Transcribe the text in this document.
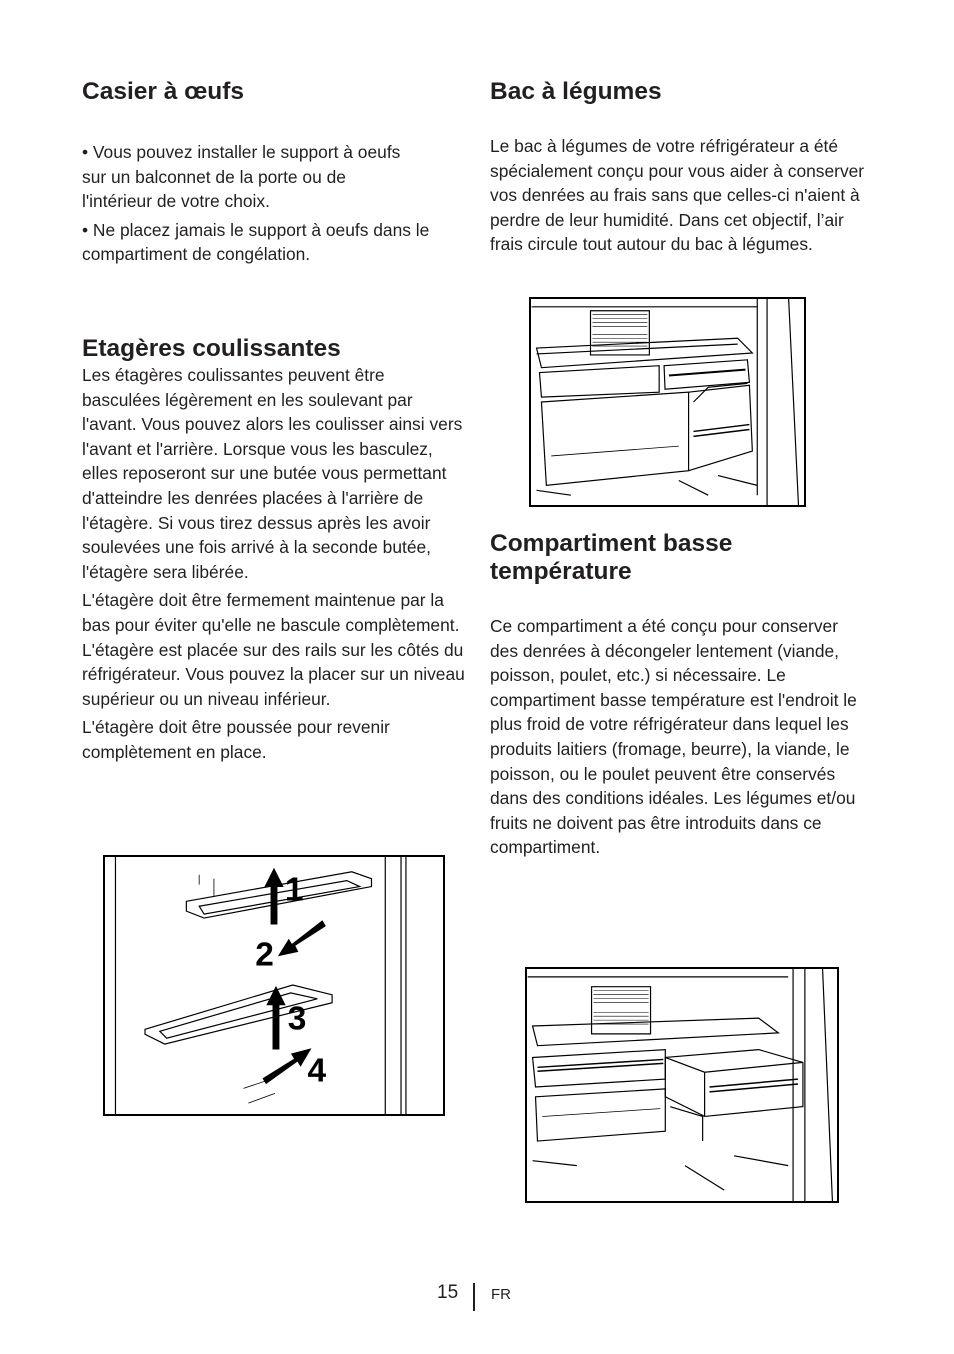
Casier à œufs

• Vous pouvez installer le support à oeufs sur un balconnet de la porte ou de l'intérieur de votre choix.

• Ne placez jamais le support à oeufs dans le compartiment de congélation.

Etagères coulissantes

Les étagères coulissantes peuvent être basculées légèrement en les soulevant par l'avant. Vous pouvez alors les coulisser ainsi vers l'avant et l'arrière. Lorsque vous les basculez, elles reposeront sur une butée vous permettant d'atteindre les denrées placées à l'arrière de l'étagère. Si vous tirez dessus après les avoir soulevées une fois arrivé à la seconde butée, l'étagère sera libérée.

L'étagère doit être fermement maintenue par la bas pour éviter qu'elle ne bascule complètement. L'étagère est placée sur des rails sur les côtés du réfrigérateur. Vous pouvez la placer sur un niveau supérieur ou un niveau inférieur.

L'étagère doit être poussée pour revenir complètement en place.

Bac à légumes

Le bac à légumes de votre réfrigérateur a été spécialement conçu pour vous aider à conserver vos denrées au frais sans que celles-ci n'aient à perdre de leur humidité. Dans cet objectif, l’air frais circule tout autour du bac à légumes.

Compartiment basse température

Ce compartiment a été conçu pour conserver des denrées à décongeler lentement (viande, poisson, poulet, etc.) si nécessaire. Le compartiment basse température est l'endroit le plus froid de votre réfrigérateur dans lequel les produits laitiers (fromage, beurre), la viande, le poisson, ou le poulet peuvent être conservés dans des conditions idéales. Les légumes et/ou fruits ne doivent pas être introduits dans ce compartiment.

1
2
3
4
15 FR
